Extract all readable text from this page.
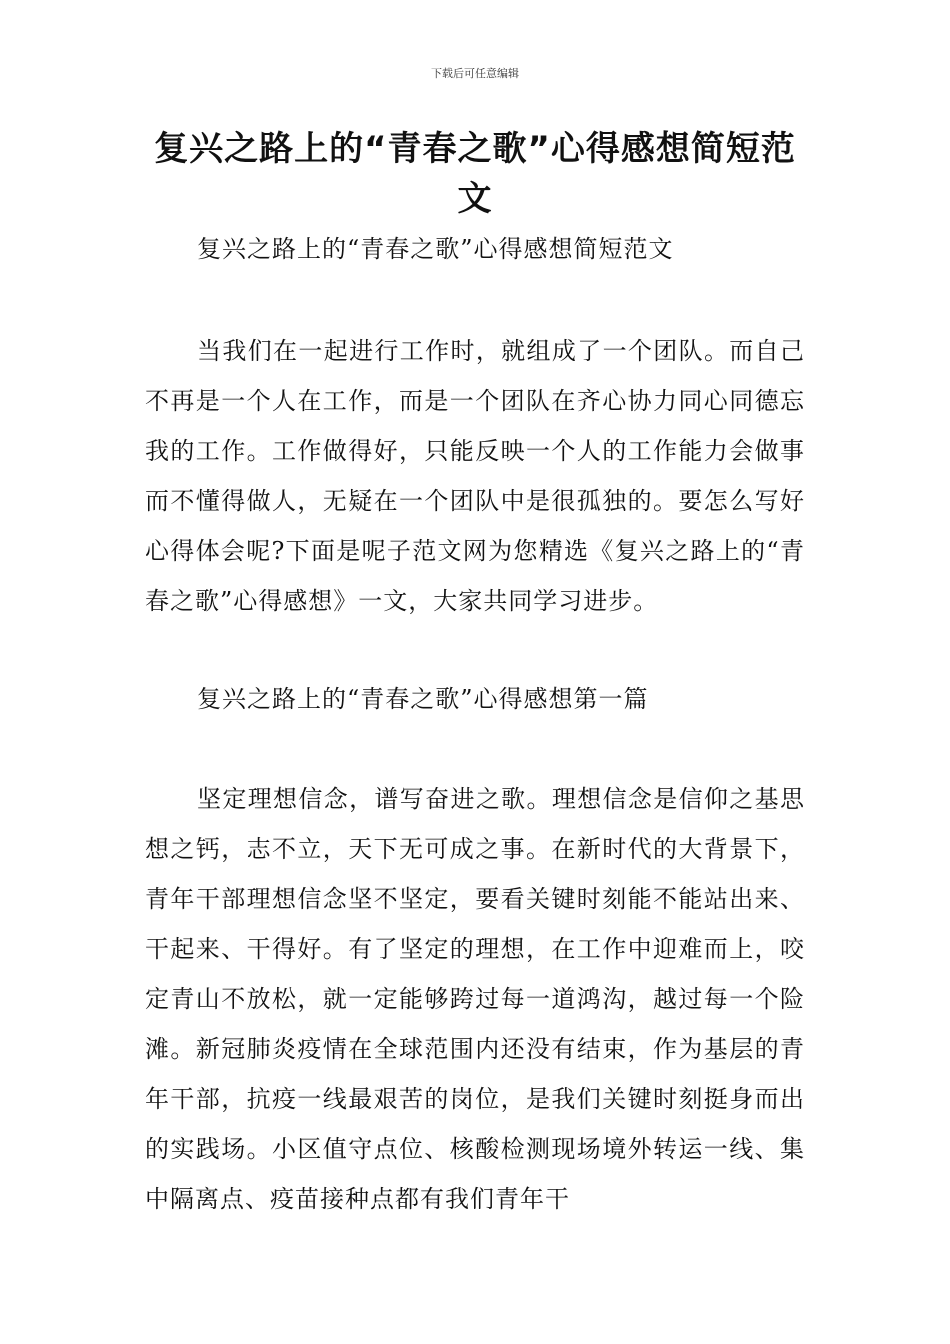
下载后可任意编辑
复兴之路上的“青春之歌”心得感想简短范文

复兴之路上的“青春之歌”心得感想简短范文

当我们在一起进行工作时，就组成了一个团队。而自己不再是一个人在工作，而是一个团队在齐心协力同心同德忘我的工作。工作做得好，只能反映一个人的工作能力会做事而不懂得做人，无疑在一个团队中是很孤独的。要怎么写好心得体会呢?下面是呢子范文网为您精选《复兴之路上的“青春之歌”心得感想》一文，大家共同学习进步。

复兴之路上的“青春之歌”心得感想第一篇

坚定理想信念，谱写奋进之歌。理想信念是信仰之基思想之钙，志不立，天下无可成之事。在新时代的大背景下，青年干部理想信念坚不坚定，要看关键时刻能不能站出来、干起来、干得好。有了坚定的理想，在工作中迎难而上，咬定青山不放松，就一定能够跨过每一道鸿沟，越过每一个险滩。新冠肺炎疫情在全球范围内还没有结束，作为基层的青年干部，抗疫一线最艰苦的岗位，是我们关键时刻挺身而出的实践场。小区值守点位、核酸检测现场境外转运一线、集中隔离点、疫苗接种点都有我们青年干
